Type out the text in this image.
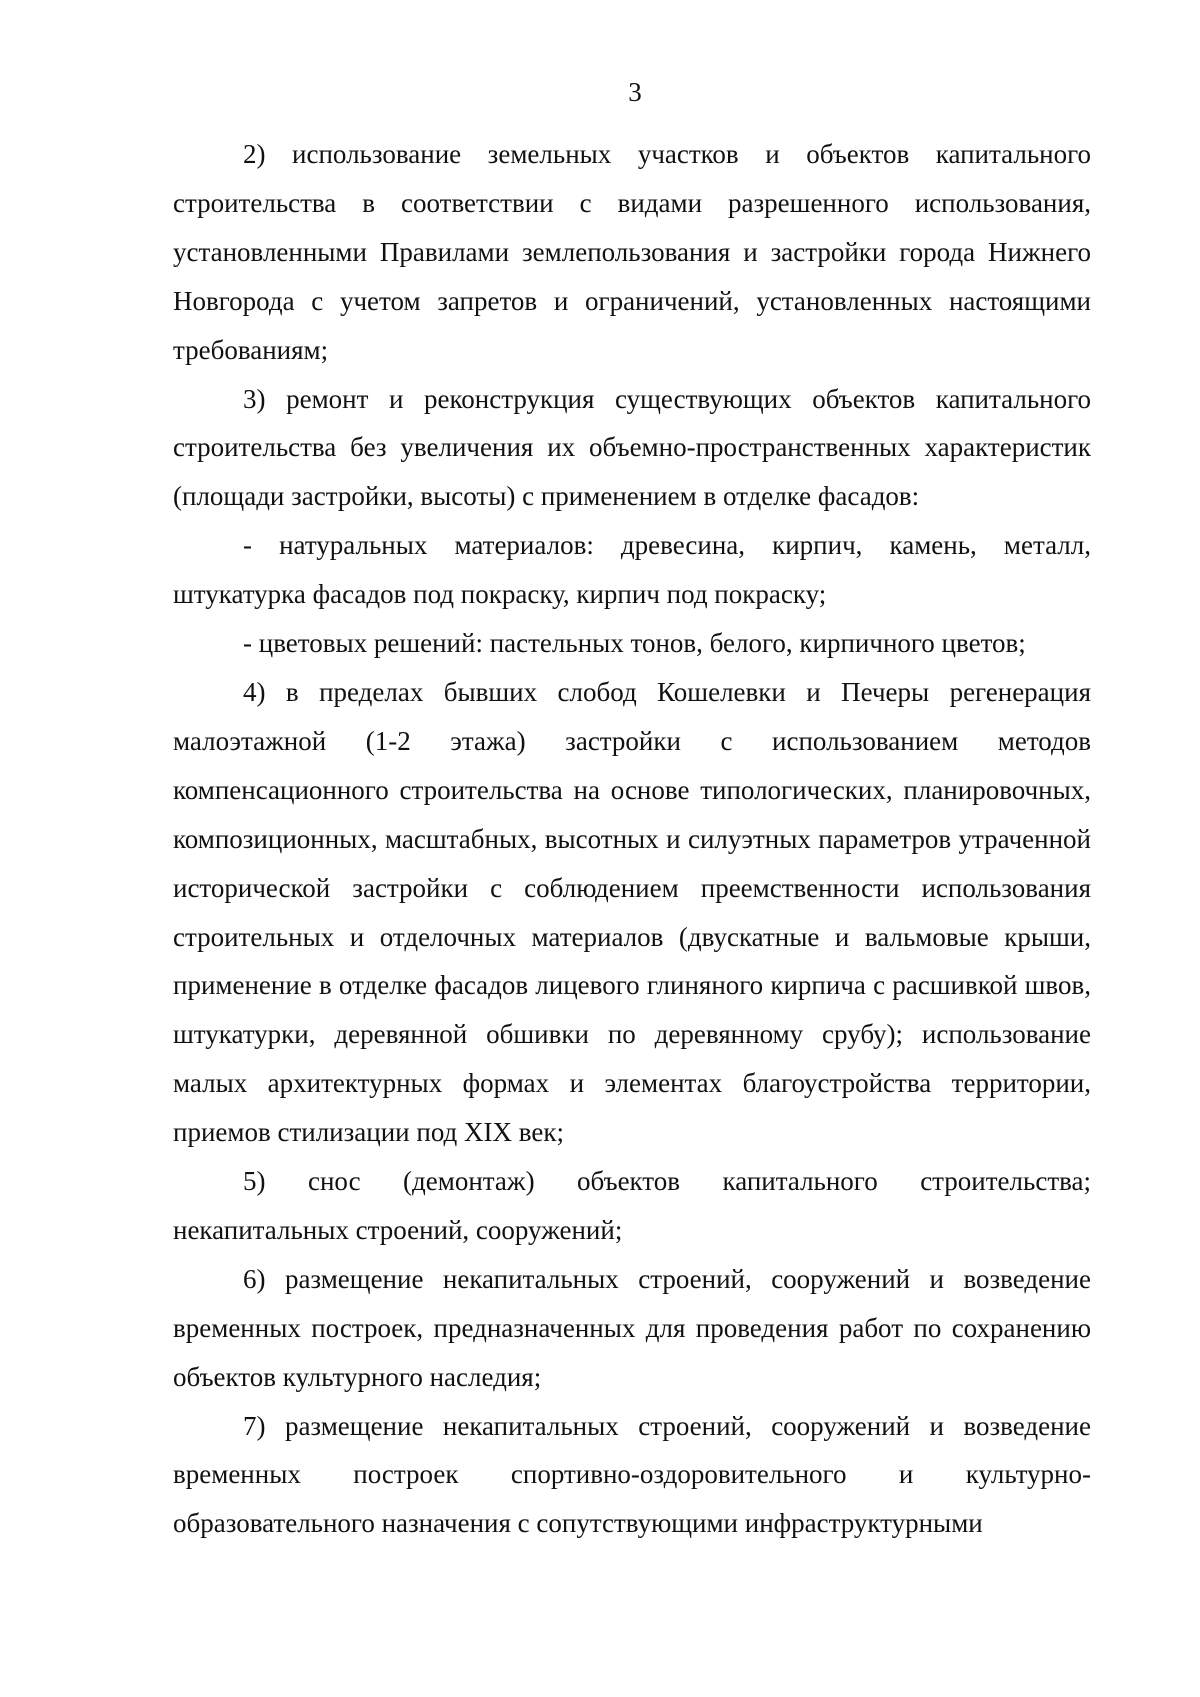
3

2) использование земельных участков и объектов капитального строительства в соответствии с видами разрешенного использования, установленными Правилами землепользования и застройки города Нижнего Новгорода с учетом запретов и ограничений, установленных настоящими требованиям;

3) ремонт и реконструкция существующих объектов капитального строительства без увеличения их объемно-пространственных характеристик (площади застройки, высоты) с применением в отделке фасадов:

- натуральных материалов: древесина, кирпич, камень, металл, штукатурка фасадов под покраску, кирпич под покраску;

- цветовых решений: пастельных тонов, белого, кирпичного цветов;

4) в пределах бывших слобод Кошелевки и Печеры регенерация малоэтажной (1-2 этажа) застройки с использованием методов компенсационного строительства на основе типологических, планировочных, композиционных, масштабных, высотных и силуэтных параметров утраченной исторической застройки с соблюдением преемственности использования строительных и отделочных материалов (двускатные и вальмовые крыши, применение в отделке фасадов лицевого глиняного кирпича с расшивкой швов, штукатурки, деревянной обшивки по деревянному срубу); использование малых архитектурных формах и элементах благоустройства территории, приемов стилизации под XIX век;

5) снос (демонтаж) объектов капитального строительства; некапитальных строений, сооружений;

6) размещение некапитальных строений, сооружений и возведение временных построек, предназначенных для проведения работ по сохранению объектов культурного наследия;

7) размещение некапитальных строений, сооружений и возведение временных построек спортивно-оздоровительного и культурно-образовательного назначения с сопутствующими инфраструктурными
